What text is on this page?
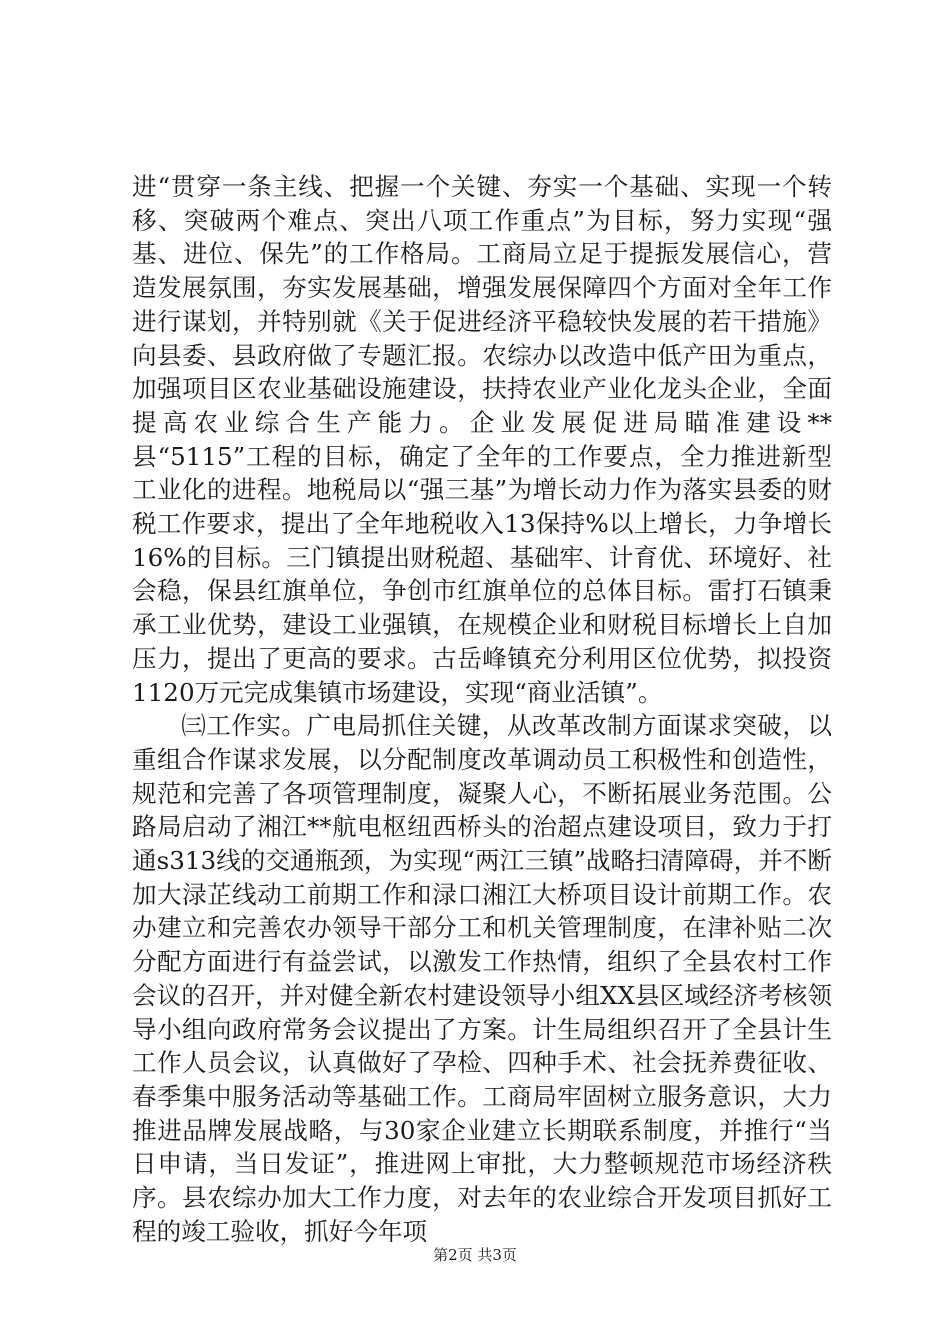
进“贯穿一条主线、把握一个关键、夯实一个基础、实现一个转移、突破两个难点、突出八项工作重点”为目标，努力实现“强基、进位、保先”的工作格局。工商局立足于提振发展信心，营造发展氛围，夯实发展基础，增强发展保障四个方面对全年工作进行谋划，并特别就《关于促进经济平稳较快发展的若干措施》向县委、县政府做了专题汇报。农综办以改造中低产田为重点，加强项目区农业基础设施建设，扶持农业产业化龙头企业，全面提高农业综合生产能力。企业发展促进局瞄准建设**县“5115”工程的目标，确定了全年的工作要点，全力推进新型工业化的进程。地税局以“强三基”为增长动力作为落实县委的财税工作要求，提出了全年地税收入13保持%以上增长，力争增长16%的目标。三门镇提出财税超、基础牢、计育优、环境好、社会稳，保县红旗单位，争创市红旗单位的总体目标。雷打石镇秉承工业优势，建设工业强镇，在规模企业和财税目标增长上自加压力，提出了更高的要求。古岳峰镇充分利用区位优势，拟投资1120万元完成集镇市场建设，实现“商业活镇”。

㈢工作实。广电局抓住关键，从改革改制方面谋求突破，以重组合作谋求发展，以分配制度改革调动员工积极性和创造性，规范和完善了各项管理制度，凝聚人心，不断拓展业务范围。公路局启动了湘江**航电枢纽西桥头的治超点建设项目，致力于打通s313线的交通瓶颈，为实现“两江三镇”战略扫清障碍，并不断加大渌芷线动工前期工作和渌口湘江大桥项目设计前期工作。农办建立和完善农办领导干部分工和机关管理制度，在津补贴二次分配方面进行有益尝试，以激发工作热情，组织了全县农村工作会议的召开，并对健全新农村建设领导小组XX县区域经济考核领导小组向政府常务会议提出了方案。计生局组织召开了全县计生工作人员会议，认真做好了孕检、四种手术、社会抚养费征收、春季集中服务活动等基础工作。工商局牢固树立服务意识，大力推进品牌发展战略，与30家企业建立长期联系制度，并推行“当日申请，当日发证”，推进网上审批，大力整顿规范市场经济秩序。县农综办加大工作力度，对去年的农业综合开发项目抓好工程的竣工验收，抓好今年项

第2页 共3页
